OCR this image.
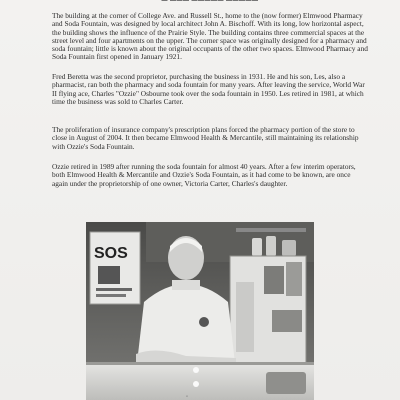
▬ ▬▬▬ ▬▬▬▬▬ ▬▬▬▬▬

The building at the corner of College Ave. and Russell St., home to the (now former) Elmwood Pharmacy and Soda Fountain, was designed by local architect John A. Bischoff. With its long, low horizontal aspect, the building shows the influence of the Prairie Style. The building contains three commercial spaces at the street level and four apartments on the upper. The corner space was originally designed for a pharmacy and soda fountain; little is known about the original occupants of the other two spaces. Elmwood Pharmacy and Soda Fountain first opened in January 1921.

Fred Beretta was the second proprietor, purchasing the business in 1931. He and his son, Les, also a pharmacist, ran both the pharmacy and soda fountain for many years. After leaving the service, World War II flying ace, Charles "Ozzie" Osbourne took over the soda fountain in 1950. Les retired in 1981, at which time the business was sold to Charles Carter.

The proliferation of insurance company's prescription plans forced the pharmacy portion of the store to close in August of 2004. It then became Elmwood Health & Mercantile, still maintaining its relationship with Ozzie's Soda Fountain.

Ozzie retired in 1989 after running the soda fountain for almost 40 years. After a few interim operators, both Elmwood Health & Mercantile and Ozzie's Soda Fountain, as it had come to be known, are once again under the proprietorship of one owner, Victoria Carter, Charles's daughter.

SOS
◦
